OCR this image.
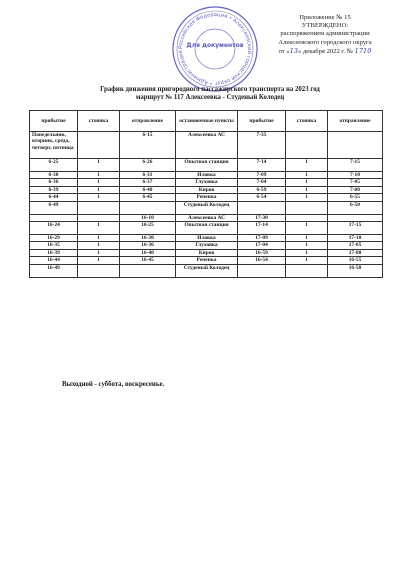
Приложение № 15
УТВЕРЖДЕНО:
распоряжением администрации
Алексеевского городского округа
от «13» декабря 2022 г. № 1710
Российская Федерация • Алексеевский городской округ • Администрация
Для документов
График движения пригородного пассажирского транспорта на 2023 год
маршрут № 117 Алексеевка - Студеный Колодец
прибытие	стоянка	отправление	остановочные пункты	прибытие	стоянка	отправление
Понедельник, вторник, среда, четверг, пятница		6-15	Алексеевка АС	7-35		
6-25	1	6-26	Опытная станция	7-14	1	7-15
6-30	1	6-31	Иловка	7-09	1	7-10
6-36	1	6-37	Глуховка	7-04	1	7-05
6-39	1	6-40	Киров	6-59	1	7-00
6-44	1	6-45	Репенка	6-54	1	6-55
6-49			Студеный Колодец			6-50
		16-10	Алексеевка АС	17-30		
16-24	1	16-25	Опытная станция	17-14	1	17-15
16-29	1	16-30	Иловка	17-09	1	17-10
16-35	1	16-36	Глуховка	17-04	1	17-05
16-39	1	16-40	Киров	16-59	1	17-00
16-44	1	16-45	Репенка	16-54	1	16-55
16-49			Студеный Колодец			16-50
Выходной - суббота, воскресенье.
